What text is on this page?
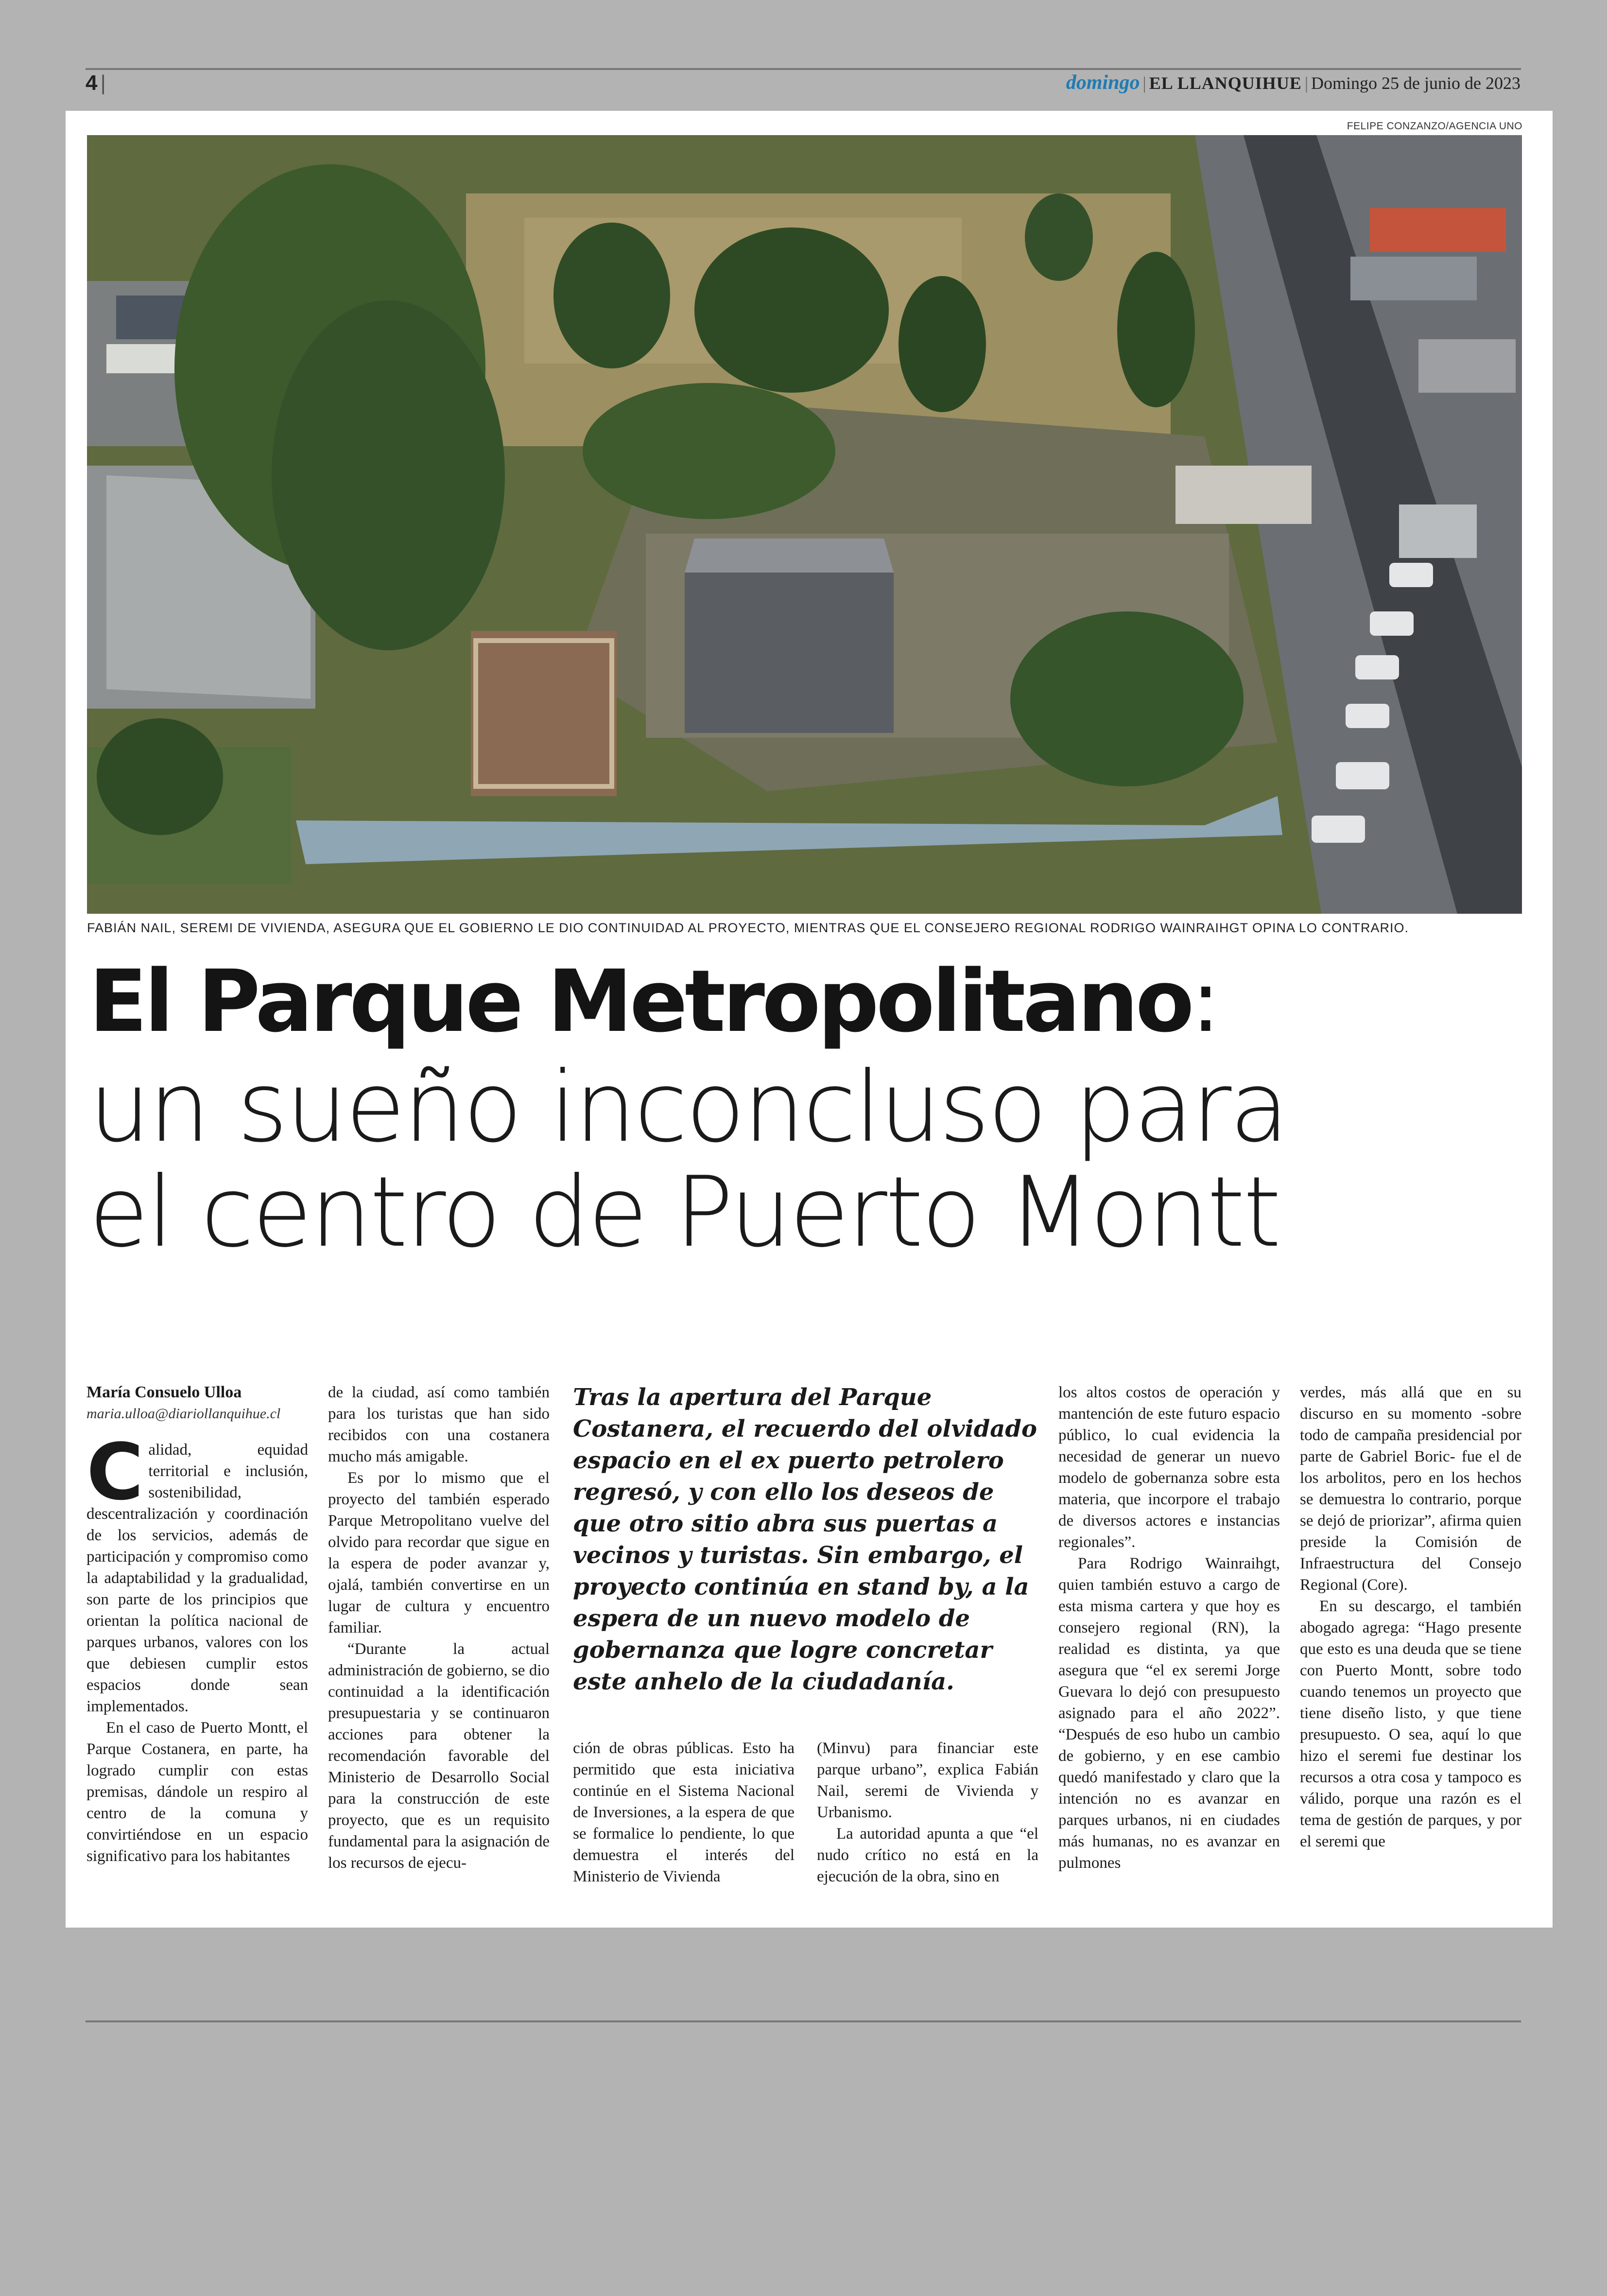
4 |	domingo | EL LLANQUIHUE | Domingo 25 de junio de 2023
FELIPE CONZANZO/AGENCIA UNO
FABIÁN NAIL, SEREMI DE VIVIENDA, ASEGURA QUE EL GOBIERNO LE DIO CONTINUIDAD AL PROYECTO, MIENTRAS QUE EL CONSEJERO REGIONAL RODRIGO WAINRAIHGT OPINA LO CONTRARIO.
El Parque Metropolitano:
un sueño inconcluso para
el centro de Puerto Montt
María Consuelo Ulloa
maria.ulloa@diariollanquihue.cl

Calidad, equidad territorial e inclusión, sostenibilidad, descentralización y coordinación de los servicios, además de participación y compromiso como la adaptabilidad y la gradualidad, son parte de los principios que orientan la política nacional de parques urbanos, valores con los que debiesen cumplir estos espacios donde sean implementados.

En el caso de Puerto Montt, el Parque Costanera, en parte, ha logrado cumplir con estas premisas, dándole un respiro al centro de la comuna y convirtiéndose en un espacio significativo para los habitantes

de la ciudad, así como también para los turistas que han sido recibidos con una costanera mucho más amigable.

Es por lo mismo que el proyecto del también esperado Parque Metropolitano vuelve del olvido para recordar que sigue en la espera de poder avanzar y, ojalá, también convertirse en un lugar de cultura y encuentro familiar.

“Durante la actual administración de gobierno, se dio continuidad a la identificación presupuestaria y se continuaron acciones para obtener la recomendación favorable del Ministerio de Desarrollo Social para la construcción de este proyecto, que es un requisito fundamental para la asignación de los recursos de ejecu-

Tras la apertura del Parque Costanera, el recuerdo del olvidado espacio en el ex puerto petrolero regresó, y con ello los deseos de que otro sitio abra sus puertas a vecinos y turistas. Sin embargo, el proyecto continúa en stand by, a la espera de un nuevo modelo de gobernanza que logre concretar este anhelo de la ciudadanía.

ción de obras públicas. Esto ha permitido que esta iniciativa continúe en el Sistema Nacional de Inversiones, a la espera de que se formalice lo pendiente, lo que demuestra el interés del Ministerio de Vivienda

(Minvu) para financiar este parque urbano”, explica Fabián Nail, seremi de Vivienda y Urbanismo.

La autoridad apunta a que “el nudo crítico no está en la ejecución de la obra, sino en

los altos costos de operación y mantención de este futuro espacio público, lo cual evidencia la necesidad de generar un nuevo modelo de gobernanza sobre esta materia, que incorpore el trabajo de diversos actores e instancias regionales”.

Para Rodrigo Wainraihgt, quien también estuvo a cargo de esta misma cartera y que hoy es consejero regional (RN), la realidad es distinta, ya que asegura que “el ex seremi Jorge Guevara lo dejó con presupuesto asignado para el año 2022”. “Después de eso hubo un cambio de gobierno, y en ese cambio quedó manifestado y claro que la intención no es avanzar en parques urbanos, ni en ciudades más humanas, no es avanzar en pulmones

verdes, más allá que en su discurso en su momento -sobre todo de campaña presidencial por parte de Gabriel Boric- fue el de los arbolitos, pero en los hechos se demuestra lo contrario, porque se dejó de priorizar”, afirma quien preside la Comisión de Infraestructura del Consejo Regional (Core).

En su descargo, el también abogado agrega: “Hago presente que esto es una deuda que se tiene con Puerto Montt, sobre todo cuando tenemos un proyecto que tiene diseño listo, y que tiene presupuesto. O sea, aquí lo que hizo el seremi fue destinar los recursos a otra cosa y tampoco es válido, porque una razón es el tema de gestión de parques, y por el seremi que
